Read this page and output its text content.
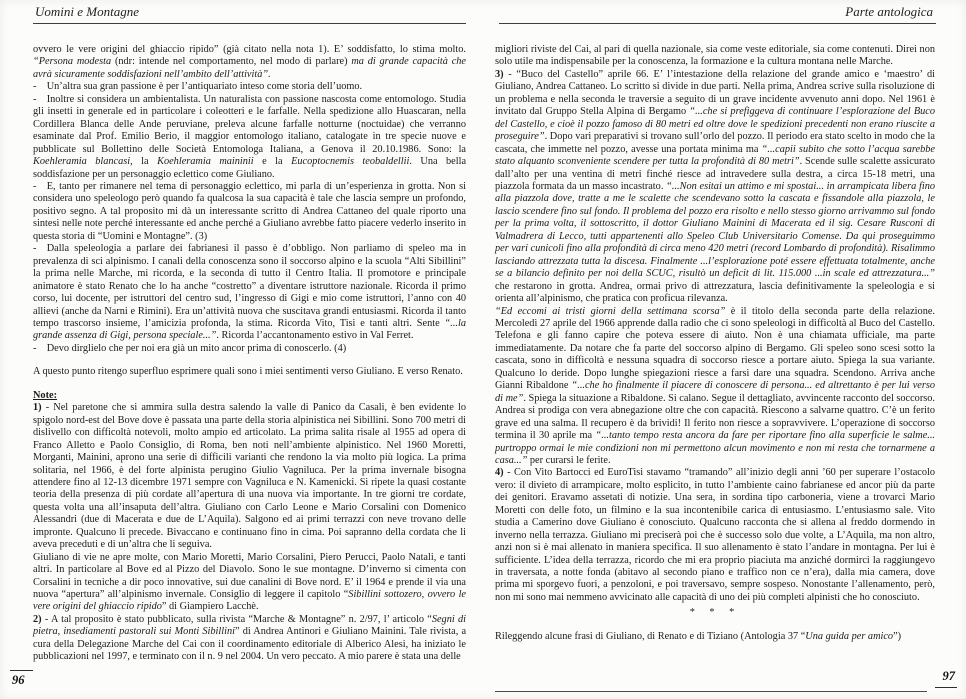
Uomini e Montagne	Parte antologica

ovvero le vere origini del ghiaccio ripido” (già citato nella nota 1). E’ soddisfatto, lo stima molto. “Persona modesta (ndr: intende nel comportamento, nel modo di parlare) ma di grande capacità che avrà sicuramente soddisfazioni nell’ambito dell’attività”.

-  Un’altra sua gran passione è per l’antiquariato inteso come storia dell’uomo.

-  Inoltre si considera un ambientalista. Un naturalista con passione nascosta come entomologo. Studia gli insetti in generale ed in particolare i coleotteri e le farfalle. Nella spedizione allo Huascaran, nella Cordillera Blanca delle Ande peruviane, preleva alcune farfalle notturne (noctuidae) che verranno esaminate dal Prof. Emilio Berio, il maggior entomologo italiano, catalogate in tre specie nuove e pubblicate sul Bollettino delle Società Entomologa Italiana, a Genova il 20.10.1986. Sono: la Koehleramia blancasi, la Koehleramia maininii e la Eucoptocnemis teobaldellii. Una bella soddisfazione per un personaggio eclettico come Giuliano.

-  E, tanto per rimanere nel tema di personaggio eclettico, mi parla di un’esperienza in grotta. Non si considera uno speleologo però quando fa qualcosa la sua capacità è tale che lascia sempre un profondo, positivo segno. A tal proposito mi dà un interessante scritto di Andrea Cattaneo del quale riporto una sintesi nelle note perché interessante ed anche perché a Giuliano avrebbe fatto piacere vederlo inserito in questa storia di “Uomini e Montagne”. (3)

-  Dalla speleologia a parlare dei fabrianesi il passo è d’obbligo. Non parliamo di speleo ma in prevalenza di sci alpinismo. I canali della conoscenza sono il soccorso alpino e la scuola “Alti Sibillini” la prima nelle Marche, mi ricorda, e la seconda di tutto il Centro Italia. Il promotore e principale animatore è stato Renato che lo ha anche “costretto” a diventare istruttore nazionale. Ricorda il primo corso, lui docente, per istruttori del centro sud, l’ingresso di Gigi e mio come istruttori, l’anno con 40 allievi (anche da Narni e Rimini). Era un’attività nuova che suscitava grandi entusiasmi. Ricorda il tanto tempo trascorso insieme, l’amicizia profonda, la stima. Ricorda Vito, Tisi e tanti altri. Sente “...la grande assenza di Gigi, persona speciale...”. Ricorda l’accantonamento estivo in Val Ferret.

-  Devo dirglielo che per noi era già un mito ancor prima di conoscerlo. (4)

A questo punto ritengo superfluo esprimere quali sono i miei sentimenti verso Giuliano. E verso Renato.

Note:

1) - Nel paretone che si ammira sulla destra salendo la valle di Panico da Casali, è ben evidente lo spigolo nord-est del Bove dove è passata una parte della storia alpinistica nei Sibillini. Sono 700 metri di dislivello con difficoltà notevoli, molto ampio ed articolato. La prima salita risale al 1955 ad opera di Franco Alletto e Paolo Consiglio, di Roma, ben noti nell’ambiente alpinistico. Nel 1960 Moretti, Morganti, Mainini, aprono una serie di difficili varianti che rendono la via molto più logica. La prima solitaria, nel 1966, è del forte alpinista perugino Giulio Vagniluca. Per la prima invernale bisogna attendere fino al 12-13 dicembre 1971 sempre con Vagniluca e N. Kamenicki. Si ripete la quasi costante teoria della presenza di più cordate all’apertura di una nuova via importante. In tre giorni tre cordate, questa volta una all’insaputa dell’altra. Giuliano con Carlo Leone e Mario Corsalini con Domenico Alessandri (due di Macerata e due de L’Aquila). Salgono ed ai primi terrazzi con neve trovano delle impronte. Qualcuno li precede. Bivaccano e continuano fino in cima. Poi sapranno della cordata che li aveva preceduti e di un’altra che li seguiva.

Giuliano di vie ne apre molte, con Mario Moretti, Mario Corsalini, Piero Perucci, Paolo Natali, e tanti altri. In particolare al Bove ed al Pizzo del Diavolo. Sono le sue montagne. D’inverno si cimenta con Corsalini in tecniche a dir poco innovative, sui due canalini di Bove nord. E’ il 1964 e prende il via una nuova “apertura” all’alpinismo invernale. Consiglio di leggere il capitolo “Sibillini sottozero, ovvero le vere origini del ghiaccio ripido” di Giampiero Lacchè.

2) - A tal proposito è stato pubblicato, sulla rivista “Marche & Montagne” n. 2/97, l’ articolo “Segni di pietra, insediamenti pastorali sui Monti Sibillini” di Andrea Antinori e Giuliano Mainini. Tale rivista, a cura della Delegazione Marche del Cai con il coordinamento editoriale di Alberico Alesi, ha iniziato le pubblicazioni nel 1997, e terminato con il n. 9 nel 2004. Un vero peccato. A mio parere è stata una delle

migliori riviste del Cai, al pari di quella nazionale, sia come veste editoriale, sia come contenuti. Direi non solo utile ma indispensabile per la conoscenza, la formazione e la cultura montana nelle Marche.

3) - “Buco del Castello” aprile 66. E’ l’intestazione della relazione del grande amico e ‘maestro’ di Giuliano, Andrea Cattaneo. Lo scritto si divide in due parti. Nella prima, Andrea scrive sulla risoluzione di un problema e nella seconda le traversie a seguito di un grave incidente avvenuto anni dopo. Nel 1961 è invitato dal Gruppo Stella Alpina di Bergamo “...che si prefiggeva di continuare l’esplorazione del Buco del Castello, e cioè il pozzo famoso di 80 metri ed oltre dove le spedizioni precedenti non erano riuscite a proseguire”. Dopo vari preparativi si trovano sull’orlo del pozzo. Il periodo era stato scelto in modo che la cascata, che immette nel pozzo, avesse una portata minima ma “...capii subito che sotto l’acqua sarebbe stato alquanto sconveniente scendere per tutta la profondità di 80 metri”. Scende sulle scalette assicurato dall’alto per una ventina di metri finché riesce ad intravedere sulla destra, a circa 15-18 metri, una piazzola formata da un masso incastrato. “...Non esitai un attimo e mi spostai... in arrampicata libera fino alla piazzola dove, tratte a me le scalette che scendevano sotto la cascata e fissandole alla piazzola, le lascio scendere fino sul fondo. Il problema del pozzo era risolto e nello stesso giorno arrivammo sul fondo per la prima volta, il sottoscritto, il dottor Giuliano Mainini di Macerata ed il sig. Cesare Rusconi di Valmadrera di Lecco, tutti appartenenti allo Speleo Club Universitario Comense. Da qui proseguimmo per vari cunicoli fino alla profondità di circa meno 420 metri (record Lombardo di profondità). Risalimmo lasciando attrezzata tutta la discesa. Finalmente ...l’esplorazione poté essere effettuata totalmente, anche se a bilancio definito per noi della SCUC, risultò un deficit di lit. 115.000 ...in scale ed attrezzatura...” che restarono in grotta. Andrea, ormai privo di attrezzatura, lascia definitivamente la speleologia e si orienta all’alpinismo, che pratica con proficua rilevanza.

“Ed eccomi ai tristi giorni della settimana scorsa” è il titolo della seconda parte della relazione. Mercoledì 27 aprile del 1966 apprende dalla radio che ci sono speleologi in difficoltà al Buco del Castello. Telefona e gli fanno capire che poteva essere di aiuto. Non è una chiamata ufficiale, ma parte immediatamente. Da notare che fa parte del soccorso alpino di Bergamo. Gli speleo sono scesi sotto la cascata, sono in difficoltà e nessuna squadra di soccorso riesce a portare aiuto. Spiega la sua variante. Qualcuno lo deride. Dopo lunghe spiegazioni riesce a farsi dare una squadra. Scendono. Arriva anche Gianni Ribaldone “...che ho finalmente il piacere di conoscere di persona... ed altrettanto è per lui verso di me”. Spiega la situazione a Ribaldone. Si calano. Segue il dettagliato, avvincente racconto del soccorso. Andrea si prodiga con vera abnegazione oltre che con capacità. Riescono a salvarne quattro. C’è un ferito grave ed una salma. Il recupero è da brividi! Il ferito non riesce a sopravvivere. L’operazione di soccorso termina il 30 aprile ma “...tanto tempo resta ancora da fare per riportare fino alla superficie le salme... purtroppo ormai le mie condizioni non mi permettono alcun movimento e non mi resta che tornarmene a casa...” per curarsi le ferite.

4) - Con Vito Bartocci ed EuroTisi stavamo “tramando” all’inizio degli anni ’60 per superare l’ostacolo vero: il divieto di arrampicare, molto esplicito, in tutto l’ambiente caino fabrianese ed ancor più da parte dei genitori. Eravamo assetati di notizie. Una sera, in sordina tipo carboneria, viene a trovarci Mario Moretti con delle foto, un filmino e la sua incontenibile carica di entusiasmo. L’entusiasmo sale. Vito studia a Camerino dove Giuliano è conosciuto. Qualcuno racconta che si allena al freddo dormendo in inverno nella terrazza. Giuliano mi preciserà poi che è successo solo due volte, a L’Aquila, ma non altro, anzi non si è mai allenato in maniera specifica. Il suo allenamento è stato l’andare in montagna. Per lui è sufficiente. L’idea della terrazza, ricordo che mi era proprio piaciuta ma anziché dormirci la raggiungevo in traversata, a notte fonda (abitavo al secondo piano e traffico non ce n’era), dalla mia camera, dove prima mi sporgevo fuori, a penzoloni, e poi traversavo, sempre sospeso. Nonostante l’allenamento, però, non mi sono mai nemmeno avvicinato alle capacità di uno dei più completi alpinisti che ho conosciuto.

* * *

Rileggendo alcune frasi di Giuliano, di Renato e di Tiziano (Antologia 37 “Una guida per amico”)

96	97
